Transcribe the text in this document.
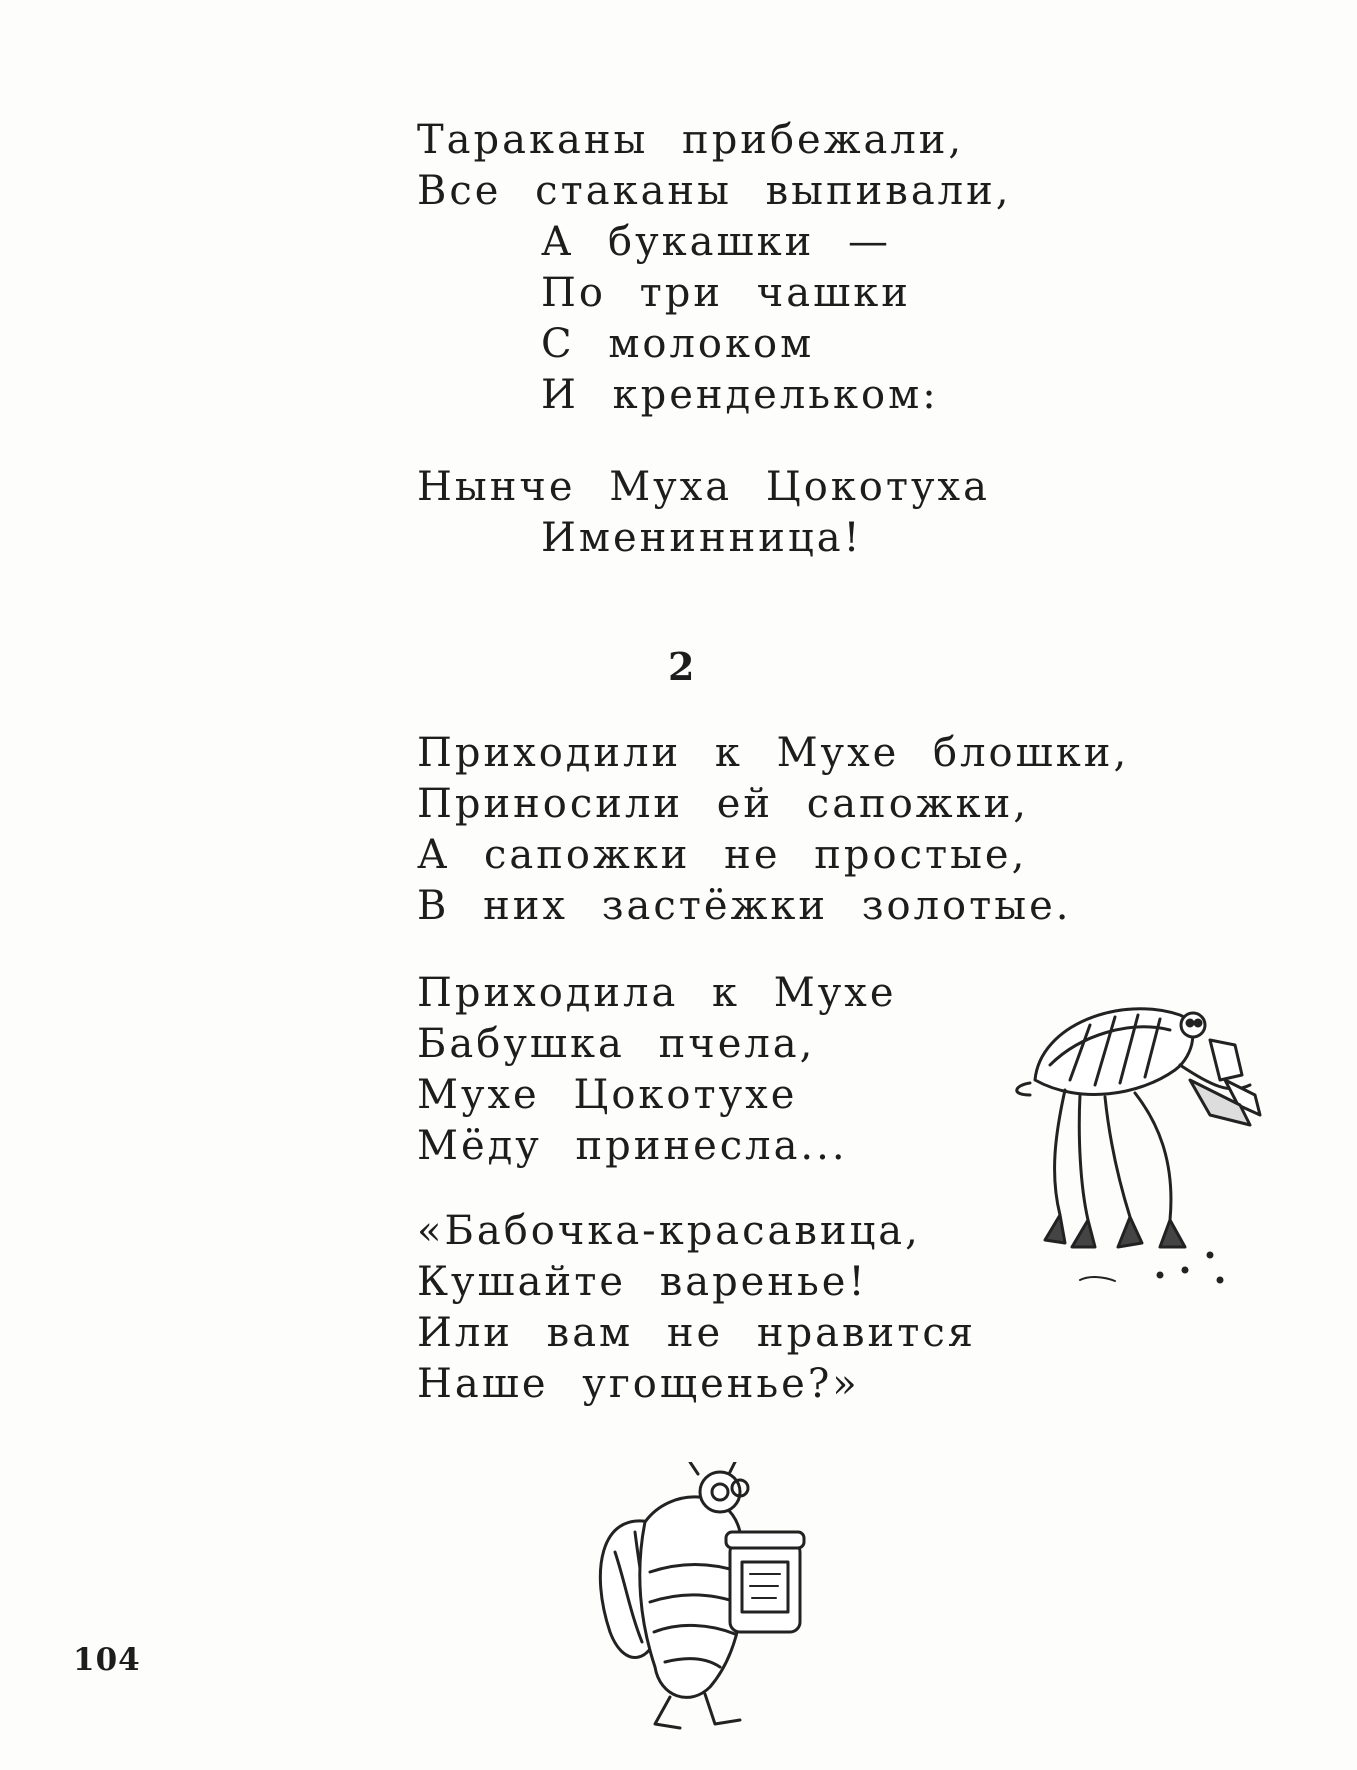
Тараканы прибежали,
Все стаканы выпивали,
А букашки —
По три чашки
С молоком
И крендельком:
Нынче Муха Цокотуха
Именинница!
2
Приходили к Мухе блошки,
Приносили ей сапожки,
А сапожки не простые,
В них застёжки золотые.
Приходила к Мухе
Бабушка пчела,
Мухе Цокотухе
Мёду принесла...
«Бабочка-красавица,
Кушайте варенье!
Или вам не нравится
Наше угощенье?»
104
